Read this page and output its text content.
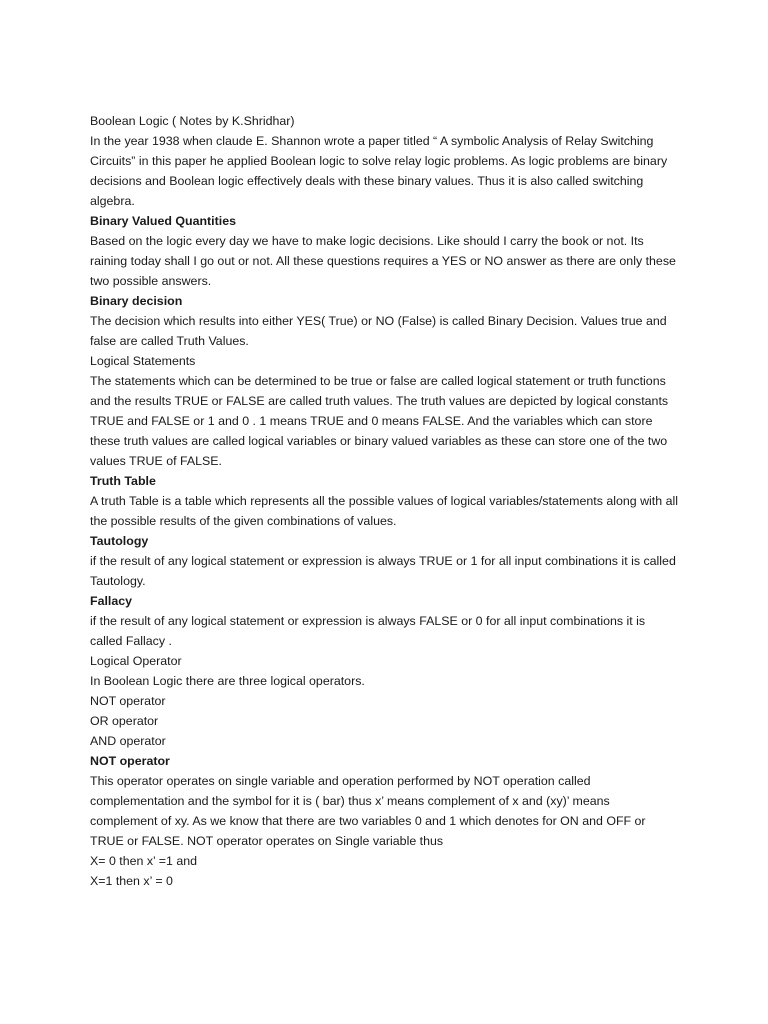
Boolean Logic ( Notes by K.Shridhar)

In the year 1938 when claude E. Shannon wrote a paper titled “ A symbolic Analysis of Relay Switching Circuits” in this paper he applied Boolean logic to solve relay logic problems. As logic problems are binary decisions and Boolean logic effectively deals with these binary values. Thus it is also called switching algebra.

Binary Valued Quantities

Based on the logic every day we have to make logic decisions. Like should I carry the book or not. Its raining today shall I go out or not. All these questions requires a YES or NO answer as there are only these two possible answers.

Binary decision

The decision which results into either YES( True) or NO (False) is called Binary Decision. Values true and false are called Truth Values.

Logical Statements

The statements which can be determined to be true or false are called logical statement or truth functions and the results TRUE or FALSE are called truth values. The truth values are depicted by logical constants TRUE and FALSE or 1 and 0 . 1 means TRUE and 0 means FALSE. And the variables which can store these truth values are called logical variables or binary valued variables as these can store one of the two values TRUE of FALSE.

Truth Table

A truth Table is a table which represents all the possible values of logical variables/statements along with all the possible results of the given combinations of values.

Tautology

if the result of any logical statement or expression is always TRUE or 1 for all input combinations it is called Tautology.

Fallacy

if the result of any logical statement or expression is always FALSE or 0 for all input combinations it is called Fallacy .

Logical Operator

In Boolean Logic there are three logical operators.

NOT operator

OR operator

AND operator

NOT operator

This operator operates on single variable and operation performed by NOT operation called complementation and the symbol for it is ( bar) thus x’ means complement of x and (xy)’ means complement of xy. As we know that there are two variables 0 and 1 which denotes for ON and OFF or TRUE or FALSE. NOT operator operates on Single variable thus

X= 0 then x’ =1 and

X=1 then x’ = 0
